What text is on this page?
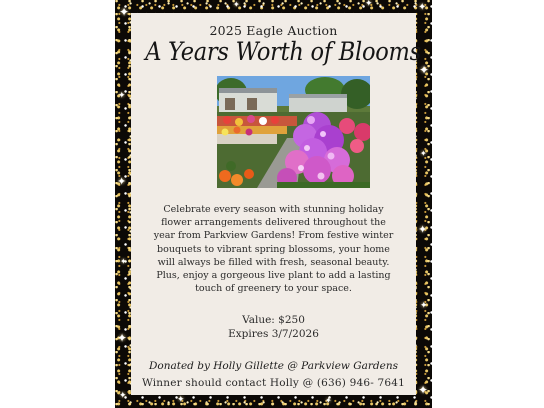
✦
✦
✦
✦
✦
✦
✦
✦
✦
✦
✦
✦
✦	✦
✦	✦
2025 Eagle Auction
A Years Worth of Blooms
Celebrate every season with stunning holiday
flower arrangements delivered throughout the
year from Parkview Gardens! From festive winter
bouquets to vibrant spring blossoms, your home
will always be filled with fresh, seasonal beauty.
Plus, enjoy a gorgeous live plant to add a lasting
touch of greenery to your space.
Value: $250
Expires 3/7/2026
Donated by Holly Gillette @ Parkview Gardens
Winner should contact Holly @ (636) 946- 7641
